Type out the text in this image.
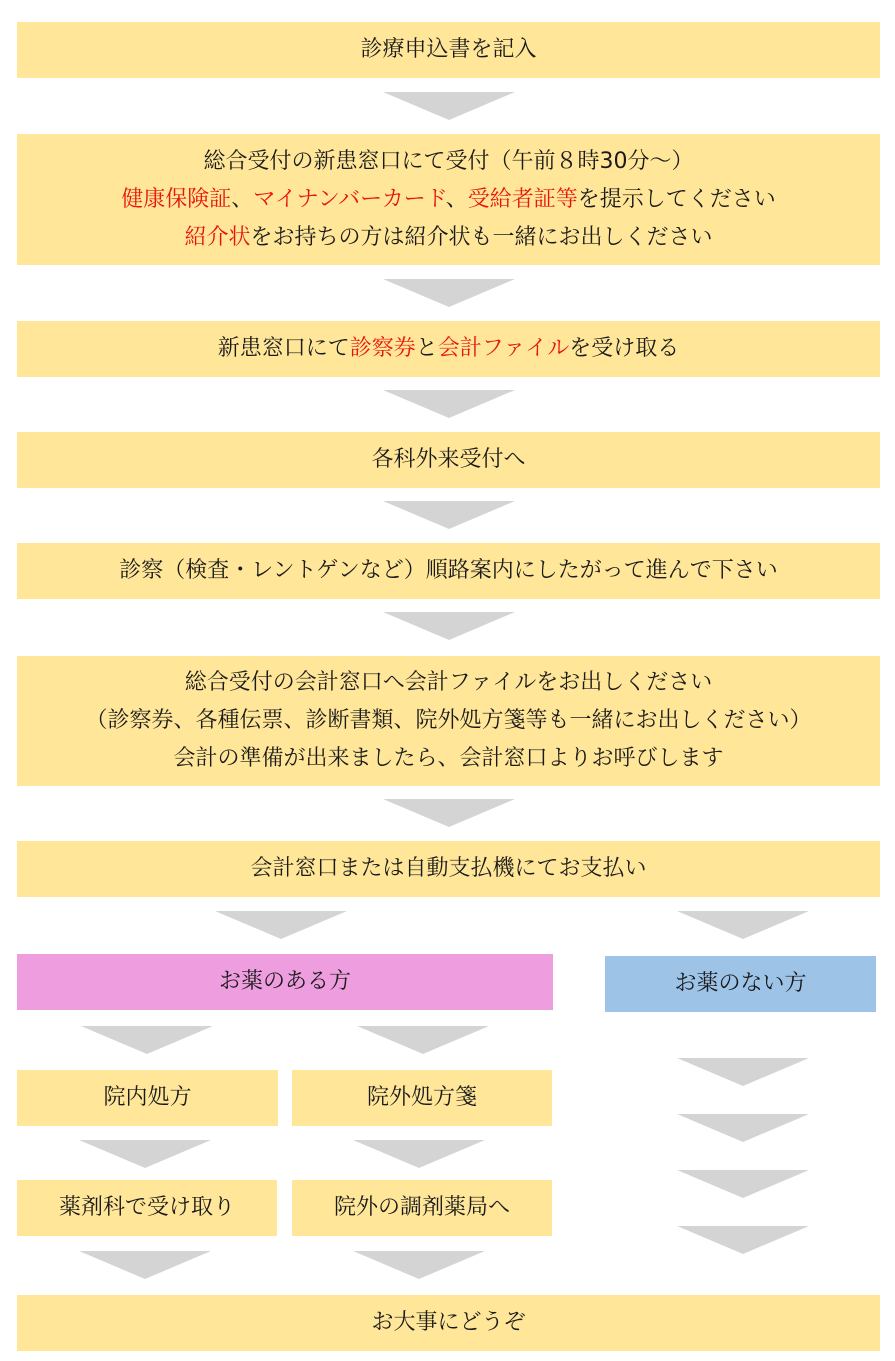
診療申込書を記入
総合受付の新患窓口にて受付（午前８時30分～）
健康保険証、マイナンバーカード、受給者証等を提示してください
紹介状をお持ちの方は紹介状も一緒にお出しください
新患窓口にて診察券と会計ファイルを受け取る
各科外来受付へ
診察（検査・レントゲンなど）順路案内にしたがって進んで下さい
総合受付の会計窓口へ会計ファイルをお出しください
（診察券、各種伝票、診断書類、院外処方箋等も一緒にお出しください）
会計の準備が出来ましたら、会計窓口よりお呼びします
会計窓口または自動支払機にてお支払い
お薬のある方	お薬のない方
院内処方	院外処方箋
薬剤科で受け取り	院外の調剤薬局へ
お大事にどうぞ
